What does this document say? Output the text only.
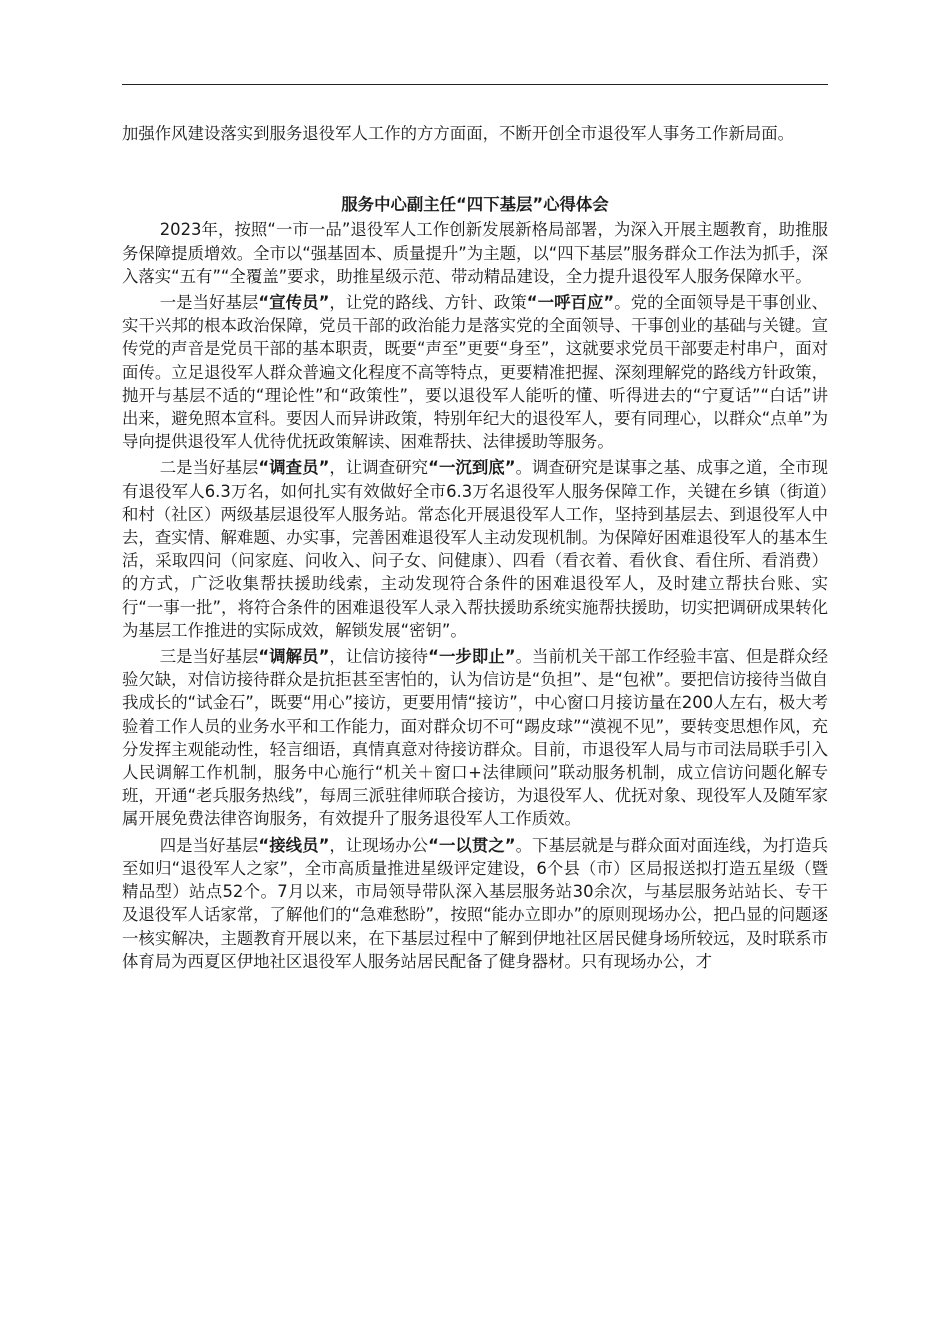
加强作风建设落实到服务退役军人工作的方方面面，不断开创全市退役军人事务工作新局面。

服务中心副主任“四下基层”心得体会

2023年，按照“一市一品”退役军人工作创新发展新格局部署，为深入开展主题教育，助推服务保障提质增效。全市以“强基固本、质量提升”为主题，以“四下基层”服务群众工作法为抓手，深入落实“五有”“全覆盖”要求，助推星级示范、带动精品建设，全力提升退役军人服务保障水平。

一是当好基层“宣传员”，让党的路线、方针、政策“一呼百应”。党的全面领导是干事创业、实干兴邦的根本政治保障，党员干部的政治能力是落实党的全面领导、干事创业的基础与关键。宣传党的声音是党员干部的基本职责，既要“声至”更要“身至”，这就要求党员干部要走村串户，面对面传。立足退役军人群众普遍文化程度不高等特点，更要精准把握、深刻理解党的路线方针政策，抛开与基层不适的“理论性”和“政策性”，要以退役军人能听的懂、听得进去的“宁夏话”“白话”讲出来，避免照本宣科。要因人而异讲政策，特别年纪大的退役军人，要有同理心，以群众“点单”为导向提供退役军人优待优抚政策解读、困难帮扶、法律援助等服务。

二是当好基层“调查员”，让调查研究“一沉到底”。调查研究是谋事之基、成事之道，全市现有退役军人6.3万名，如何扎实有效做好全市6.3万名退役军人服务保障工作，关键在乡镇（街道）和村（社区）两级基层退役军人服务站。常态化开展退役军人工作，坚持到基层去、到退役军人中去，查实情、解难题、办实事，完善困难退役军人主动发现机制。为保障好困难退役军人的基本生活，采取四问（问家庭、问收入、问子女、问健康）、四看（看衣着、看伙食、看住所、看消费）的方式，广泛收集帮扶援助线索，主动发现符合条件的困难退役军人，及时建立帮扶台账、实行“一事一批”，将符合条件的困难退役军人录入帮扶援助系统实施帮扶援助，切实把调研成果转化为基层工作推进的实际成效，解锁发展“密钥”。

三是当好基层“调解员”，让信访接待“一步即止”。当前机关干部工作经验丰富、但是群众经验欠缺，对信访接待群众是抗拒甚至害怕的，认为信访是“负担”、是“包袱”。要把信访接待当做自我成长的“试金石”，既要“用心”接访，更要用情“接访”，中心窗口月接访量在200人左右，极大考验着工作人员的业务水平和工作能力，面对群众切不可“踢皮球”“漠视不见”，要转变思想作风，充分发挥主观能动性，轻言细语，真情真意对待接访群众。目前，市退役军人局与市司法局联手引入人民调解工作机制，服务中心施行“机关＋窗口+法律顾问”联动服务机制，成立信访问题化解专班，开通“老兵服务热线”，每周三派驻律师联合接访，为退役军人、优抚对象、现役军人及随军家属开展免费法律咨询服务，有效提升了服务退役军人工作质效。

四是当好基层“接线员”，让现场办公“一以贯之”。下基层就是与群众面对面连线，为打造兵至如归“退役军人之家”，全市高质量推进星级评定建设，6个县（市）区局报送拟打造五星级（暨精品型）站点52个。7月以来，市局领导带队深入基层服务站30余次，与基层服务站站长、专干及退役军人话家常，了解他们的“急难愁盼”，按照“能办立即办”的原则现场办公，把凸显的问题逐一核实解决，主题教育开展以来，在下基层过程中了解到伊地社区居民健身场所较远，及时联系市体育局为西夏区伊地社区退役军人服务站居民配备了健身器材。只有现场办公，才
